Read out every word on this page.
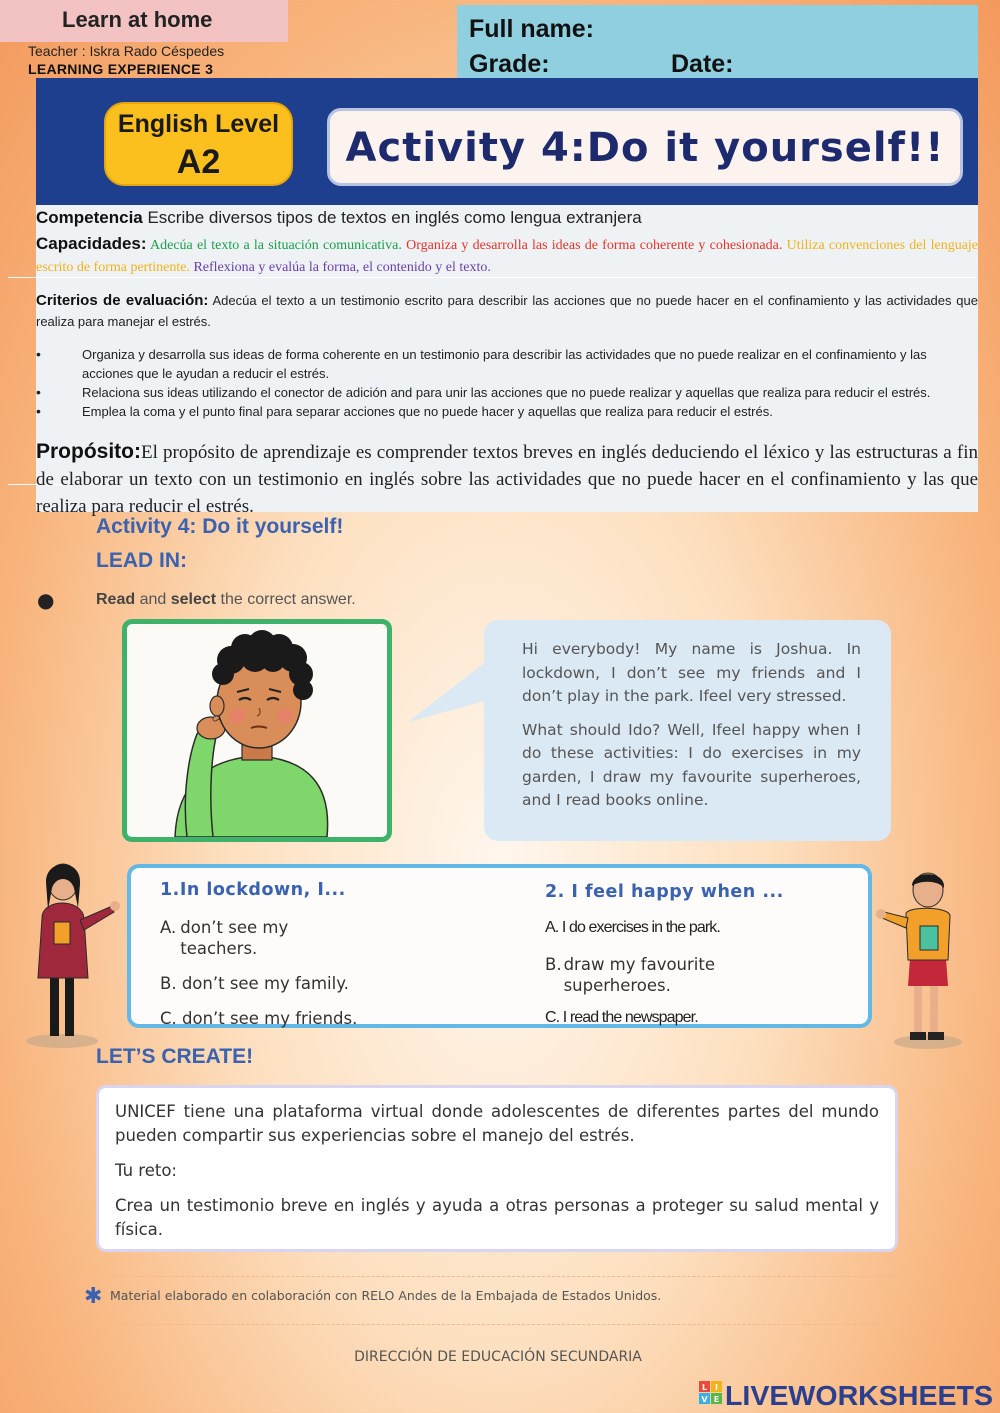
Learn at home
Teacher : Iskra Rado Céspedes
LEARNING EXPERIENCE 3
Full name:
Grade:	Date:
English Level
A2	Activity 4:Do it yourself!!
Competencia Escribe diversos tipos de textos en inglés como lengua extranjera
Capacidades: Adecúa el texto a la situación comunicativa. Organiza y desarrolla las ideas de forma coherente y cohesionada. Utiliza convenciones del lenguaje escrito de forma pertinente. Reflexiona y evalúa la forma, el contenido y el texto.
Criterios de evaluación: Adecúa el texto a un testimonio escrito para describir las acciones que no puede hacer en el confinamiento y las actividades que realiza para manejar el estrés.
• Organiza y desarrolla sus ideas de forma coherente en un testimonio para describir las actividades que no puede realizar en el confinamiento y las acciones que le ayudan a reducir el estrés.
• Relaciona sus ideas utilizando el conector de adición and para unir las acciones que no puede realizar y aquellas que realiza para reducir el estrés.
• Emplea la coma y el punto final para separar acciones que no puede hacer y aquellas que realiza para reducir el estrés.
Propósito:El propósito de aprendizaje es comprender textos breves en inglés deduciendo el léxico y las estructuras a fin de elaborar un texto con un testimonio en inglés sobre las actividades que no puede hacer en el confinamiento y las que realiza para reducir el estrés.
Activity 4: Do it yourself!
LEAD IN:
●	Read and select the correct answer.

Hi everybody! My name is Joshua. In lockdown, I don’t see my friends and I don’t play in the park. Ifeel very stressed.

What should Ido? Well, Ifeel happy when I do these activities: I do exercises in my garden, I draw my favourite superheroes, and I read books online.

1.In lockdown, I...
A. don’t see my teachers.
B. don’t see my family.
C. don’t see my friends.
2. I feel happy when ...
A. I do exercises in the park.
B. draw my favourite superheroes.
C. I read the newspaper.
LET’S CREATE!

UNICEF tiene una plataforma virtual donde adolescentes de diferentes partes del mundo pueden compartir sus experiencias sobre el manejo del estrés.

Tu reto:

Crea un testimonio breve en inglés y ayuda a otras personas a proteger su salud mental y física.

✱ Material elaborado en colaboración con RELO Andes de la Embajada de Estados Unidos.
DIRECCIÓN DE EDUCACIÓN SECUNDARIA
L I
V E LIVEWORKSHEETS
